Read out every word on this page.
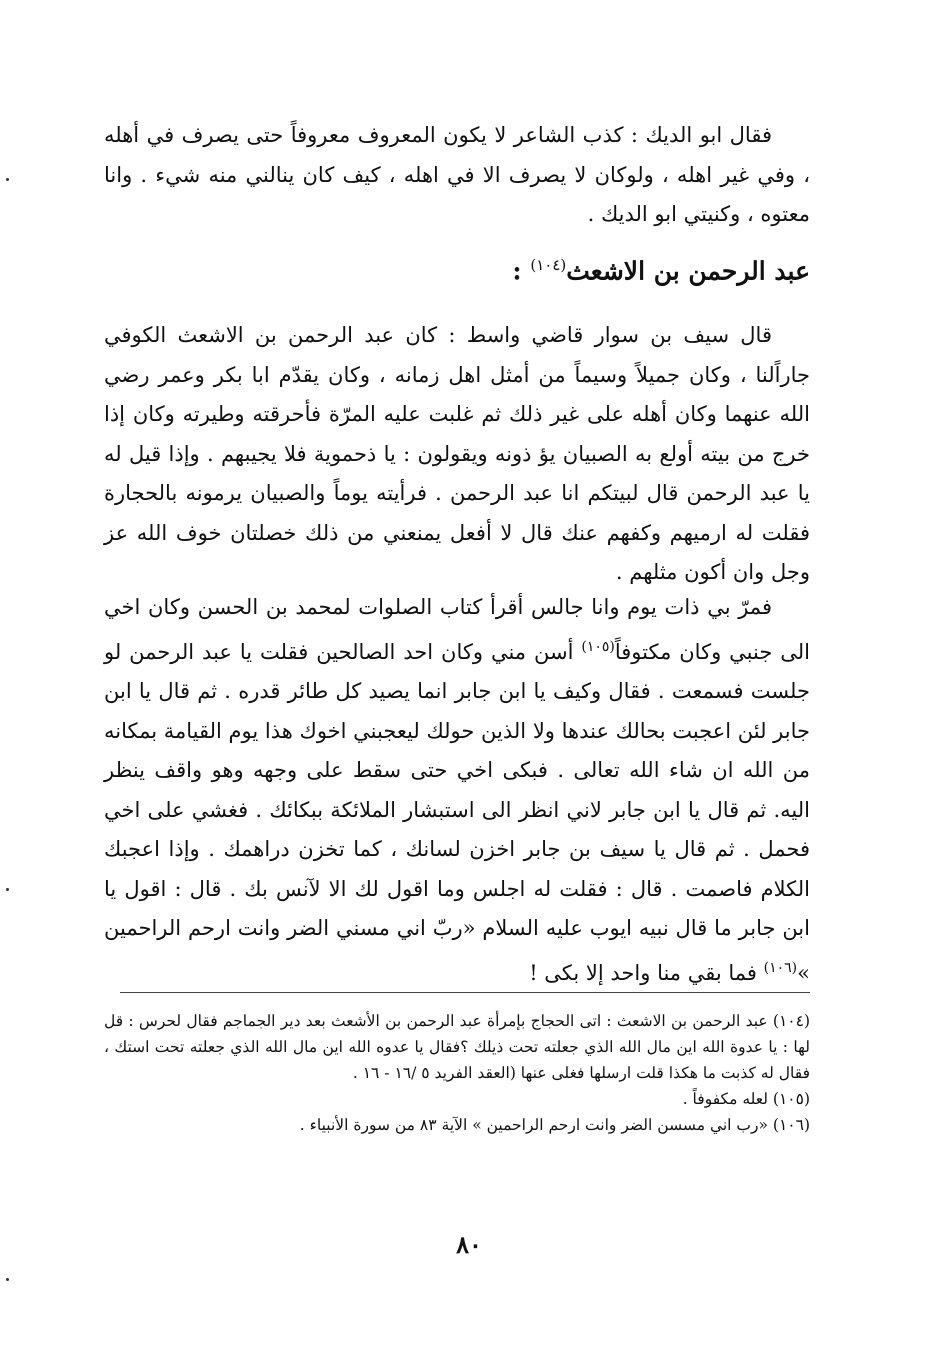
فقال ابو الديك : كذب الشاعر لا يكون المعروف معروفاً حتى يصرف في أهله ، وفي غير اهله ، ولوكان لا يصرف الا في اهله ، كيف كان ينالني منه شيء . وانا معتوه ، وكنيتي ابو الديك .

عبد الرحمن بن الاشعث$^{(١٠٤)}$ :

قال سيف بن سوار قاضي واسط : كان عبد الرحمن بن الاشعث الكوفي جاراًلنا ، وكان جميلاً وسيماً من أمثل اهل زمانه ، وكان يقدّم ابا بكر وعمر رضي الله عنهما وكان أهله على غير ذلك ثم غلبت عليه المرّة فأحرقته وطيرته وكان إذا خرج من بيته أولع به الصبيان يؤ ذونه ويقولون : يا ذحموية فلا يجيبهم . وإذا قيل له يا عبد الرحمن قال لبيتكم انا عبد الرحمن . فرأيته يوماً والصبيان يرمونه بالحجارة فقلت له ارميهم وكفهم عنك قال لا أفعل يمنعني من ذلك خصلتان خوف الله عز وجل وان أكون مثلهم .

فمرّ بي ذات يوم وانا جالس أقرأ كتاب الصلوات لمحمد بن الحسن وكان اخي الى جنبي وكان مكتوفاً$^{(١٠٥)}$ أسن مني وكان احد الصالحين فقلت يا عبد الرحمن لو جلست فسمعت . فقال وكيف يا ابن جابر انما يصيد كل طائر قدره . ثم قال يا ابن جابر لئن اعجبت بحالك عندها ولا الذين حولك ليعجبني اخوك هذا يوم القيامة بمكانه من الله ان شاء الله تعالى . فبكى اخي حتى سقط على وجهه وهو واقف ينظر اليه. ثم قال يا ابن جابر لاني انظر الى استبشار الملائكة ببكائك . فغشي على اخي فحمل . ثم قال يا سيف بن جابر اخزن لسانك ، كما تخزن دراهمك . وإذا اعجبك الكلام فاصمت . قال : فقلت له اجلس وما اقول لك الا لآنس بك . قال : اقول يا ابن جابر ما قال نبيه ايوب عليه السلام «ربّ اني مسني الضر وانت ارحم الراحمين »$^{(١٠٦)}$ فما بقي منا واحد إلا بكى !

(١٠٤) عبد الرحمن بن الاشعث : اتى الحجاج بإمرأة عبد الرحمن بن الأشعث بعد دير الجماجم فقال لحرس : قل لها : يا عدوة الله اين مال الله الذي جعلته تحت ذيلك ؟فقال يا عدوه الله اين مال الله الذي جعلته تحت استك ، فقال له كذبت ما هكذا قلت ارسلها فغلى عنها (العقد الفريد ٥ /١٦ - ١٦ .

(١٠٥) لعله مكفوفاً .

(١٠٦) «رب اني مسسن الضر وانت ارحم الراحمين » الآية ٨٣ من سورة الأنبياء .

٨٠
